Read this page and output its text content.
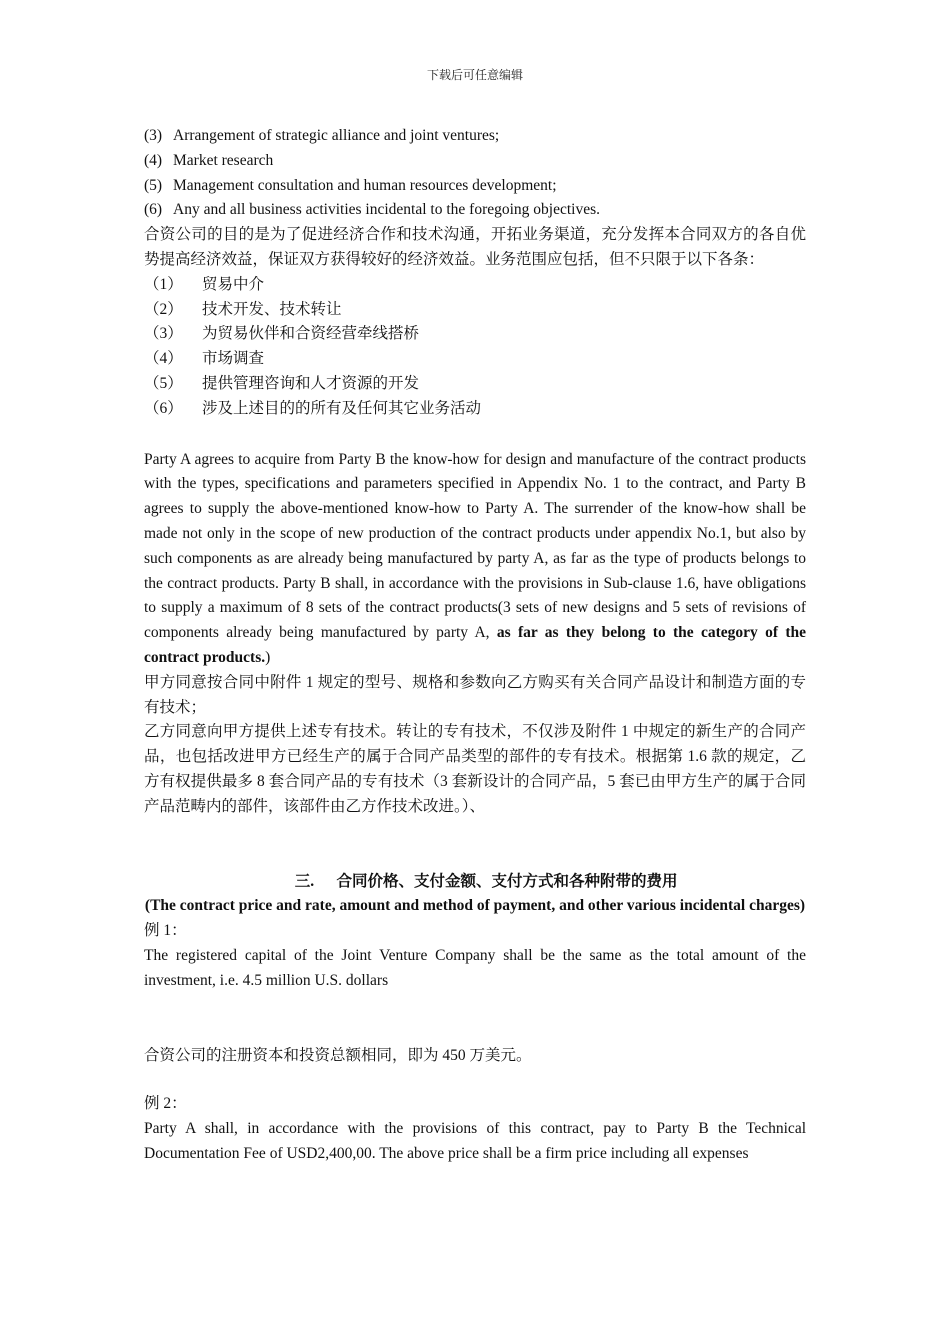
下载后可任意编辑

(3) Arrangement of strategic alliance and joint ventures;

(4) Market research

(5) Management consultation and human resources development;

(6) Any and all business activities incidental to the foregoing objectives.

合资公司的目的是为了促进经济合作和技术沟通，开拓业务渠道，充分发挥本合同双方的各自优势提高经济效益，保证双方获得较好的经济效益。业务范围应包括，但不只限于以下各条：

（1） 贸易中介

（2） 技术开发、技术转让

（3） 为贸易伙伴和合资经营牵线搭桥

（4） 市场调查

（5） 提供管理咨询和人才资源的开发

（6） 涉及上述目的的所有及任何其它业务活动

Party A agrees to acquire from Party B the know-how for design and manufacture of the contract products with the types, specifications and parameters specified in Appendix No. 1 to the contract, and Party B agrees to supply the above-mentioned know-how to Party A. The surrender of the know-how shall be made not only in the scope of new production of the contract products under appendix No.1, but also by such components as are already being manufactured by party A, as far as the type of products belongs to the contract products. Party B shall, in accordance with the provisions in Sub-clause 1.6, have obligations to supply a maximum of 8 sets of the contract products(3 sets of new designs and 5 sets of revisions of components already being manufactured by party A, as far as they belong to the category of the contract products.)

甲方同意按合同中附件 1 规定的型号、规格和参数向乙方购买有关合同产品设计和制造方面的专有技术；

乙方同意向甲方提供上述专有技术。转让的专有技术，不仅涉及附件 1 中规定的新生产的合同产品，也包括改进甲方已经生产的属于合同产品类型的部件的专有技术。根据第 1.6 款的规定，乙方有权提供最多 8 套合同产品的专有技术（3 套新设计的合同产品，5 套已由甲方生产的属于合同产品范畴内的部件，该部件由乙方作技术改进。）、

三. 合同价格、支付金额、支付方式和各种附带的费用

(The contract price and rate, amount and method of payment, and other various incidental charges)

例 1：

The registered capital of the Joint Venture Company shall be the same as the total amount of the investment, i.e. 4.5 million U.S. dollars

合资公司的注册资本和投资总额相同，即为 450 万美元。

例 2：

Party A shall, in accordance with the provisions of this contract, pay to Party B the Technical Documentation Fee of USD2,400,00. The above price shall be a firm price including all expenses
